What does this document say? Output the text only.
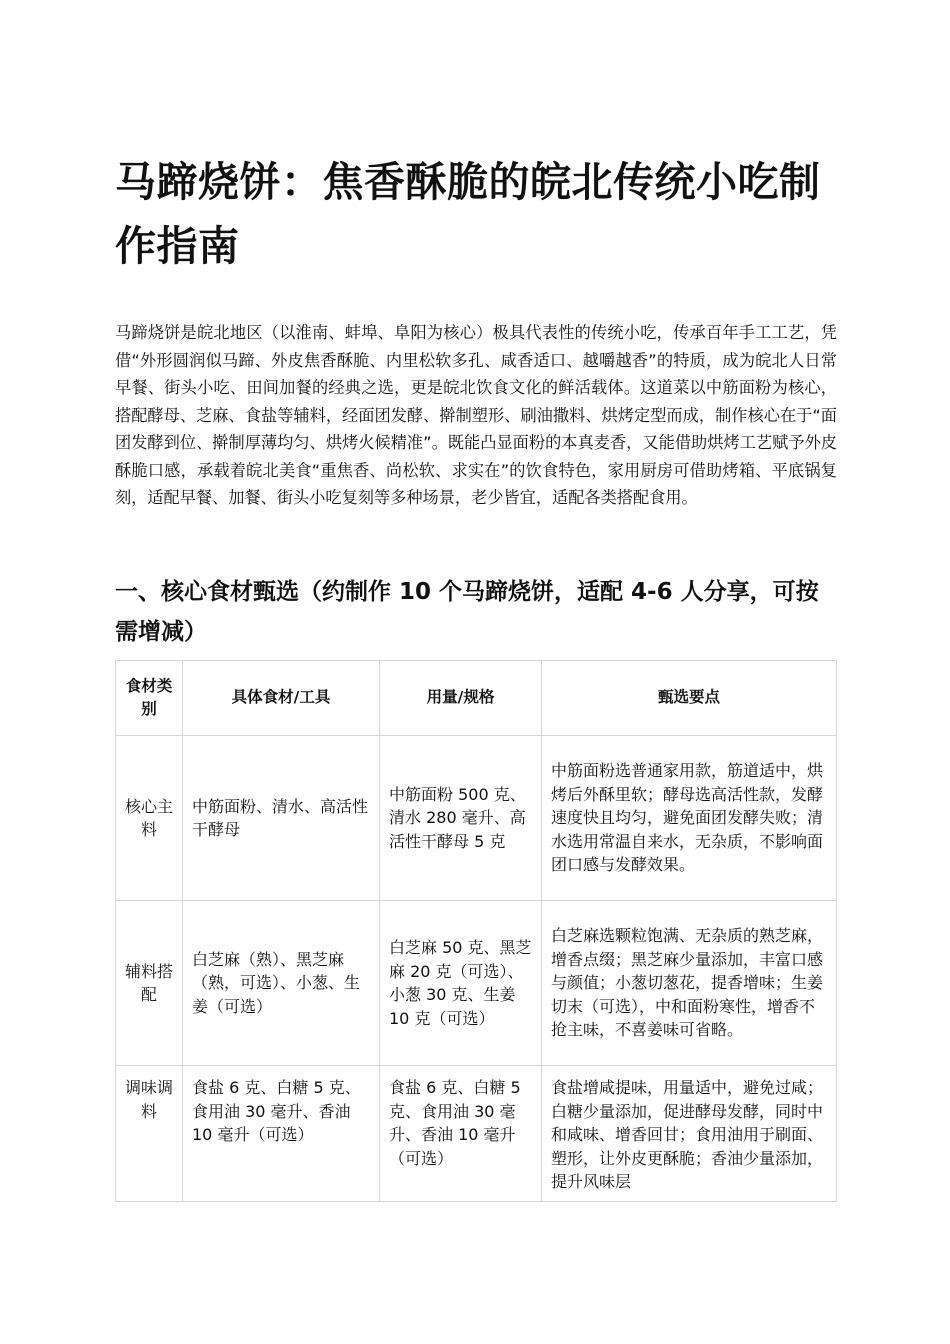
马蹄烧饼：焦香酥脆的皖北传统小吃制作指南

马蹄烧饼是皖北地区（以淮南、蚌埠、阜阳为核心）极具代表性的传统小吃，传承百年手工工艺，凭借“外形圆润似马蹄、外皮焦香酥脆、内里松软多孔、咸香适口、越嚼越香”的特质，成为皖北人日常早餐、街头小吃、田间加餐的经典之选，更是皖北饮食文化的鲜活载体。这道菜以中筋面粉为核心，搭配酵母、芝麻、食盐等辅料，经面团发酵、擀制塑形、刷油撒料、烘烤定型而成，制作核心在于“面团发酵到位、擀制厚薄均匀、烘烤火候精准”。既能凸显面粉的本真麦香，又能借助烘烤工艺赋予外皮酥脆口感，承载着皖北美食“重焦香、尚松软、求实在”的饮食特色，家用厨房可借助烤箱、平底锅复刻，适配早餐、加餐、街头小吃复刻等多种场景，老少皆宜，适配各类搭配食用。

一、核心食材甄选（约制作 10 个马蹄烧饼，适配 4-6 人分享，可按需增减）
食材类别	具体食材/工具	用量/规格	甄选要点
核心主料	中筋面粉、清水、高活性干酵母	中筋面粉 500 克、清水 280 毫升、高活性干酵母 5 克	中筋面粉选普通家用款，筋道适中，烘烤后外酥里软；酵母选高活性款，发酵速度快且均匀，避免面团发酵失败；清水选用常温自来水，无杂质，不影响面团口感与发酵效果。
辅料搭配	白芝麻（熟）、黑芝麻（熟，可选）、小葱、生姜（可选）	白芝麻 50 克、黑芝麻 20 克（可选）、小葱 30 克、生姜 10 克（可选）	白芝麻选颗粒饱满、无杂质的熟芝麻，增香点缀；黑芝麻少量添加，丰富口感与颜值；小葱切葱花，提香增味；生姜切末（可选），中和面粉寒性，增香不抢主味，不喜姜味可省略。
调味调料	食盐 6 克、白糖 5 克、食用油 30 毫升、香油 10 毫升（可选）	食盐 6 克、白糖 5 克、食用油 30 毫升、香油 10 毫升（可选）	食盐增咸提味，用量适中，避免过咸；白糖少量添加，促进酵母发酵，同时中和咸味、增香回甘；食用油用于刷面、塑形，让外皮更酥脆；香油少量添加，提升风味层
